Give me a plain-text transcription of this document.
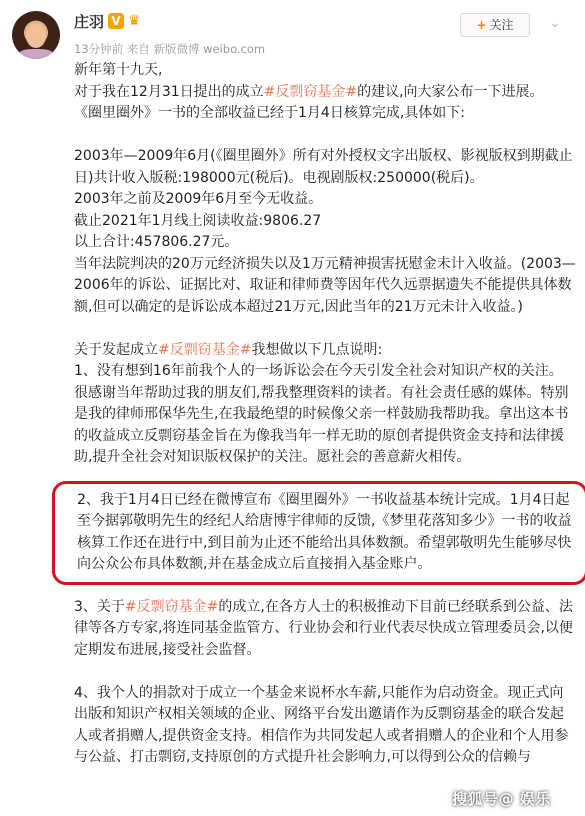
庄羽 V ♛
13分钟前 来自 新版微博 weibo.com
+ 关注	⌄

新年第十九天,

对于我在12月31日提出的成立#反剽窃基金#的建议,向大家公布一下进展。

《圈里圈外》一书的全部收益已经于1月4日核算完成,具体如下:

2003年—2009年6月(《圈里圈外》所有对外授权文字出版权、影视版权到期截止日)共计收入版税:198000元(税后)。电视剧版权:250000(税后)。

2003年之前及2009年6月至今无收益。

截止2021年1月线上阅读收益:9806.27

以上合计:457806.27元。

当年法院判决的20万元经济损失以及1万元精神损害抚慰金未计入收益。(2003—2006年的诉讼、证据比对、取证和律师费等因年代久远票据遗失不能提供具体数额,但可以确定的是诉讼成本超过21万元,因此当年的21万元未计入收益。)

关于发起成立#反剽窃基金#我想做以下几点说明:

1、没有想到16年前我个人的一场诉讼会在今天引发全社会对知识产权的关注。很感谢当年帮助过我的朋友们,帮我整理资料的读者。有社会责任感的媒体。特别是我的律师邢保华先生,在我最绝望的时候像父亲一样鼓励我帮助我。拿出这本书的收益成立反剽窃基金旨在为像我当年一样无助的原创者提供资金支持和法律援助,提升全社会对知识版权保护的关注。愿社会的善意薪火相传。

2、我于1月4日已经在微博宣布《圈里圈外》一书收益基本统计完成。1月4日起至今据郭敬明先生的经纪人给唐博宇律师的反馈,《梦里花落知多少》一书的收益核算工作还在进行中,到目前为止还不能给出具体数额。希望郭敬明先生能够尽快向公众公布具体数额,并在基金成立后直接捐入基金账户。

3、关于#反剽窃基金#的成立,在各方人士的积极推动下目前已经联系到公益、法律等各方专家,将连同基金监管方、行业协会和行业代表尽快成立管理委员会,以便定期发布进展,接受社会监督。

4、我个人的捐款对于成立一个基金来说杯水车薪,只能作为启动资金。现正式向出版和知识产权相关领域的企业、网络平台发出邀请作为反剽窃基金的联合发起人或者捐赠人,提供资金支持。相信作为共同发起人或者捐赠人的企业和个人用参与公益、打击剽窃,支持原创的方式提升社会影响力,可以得到公众的信赖与

搜狐号@ 娱乐
